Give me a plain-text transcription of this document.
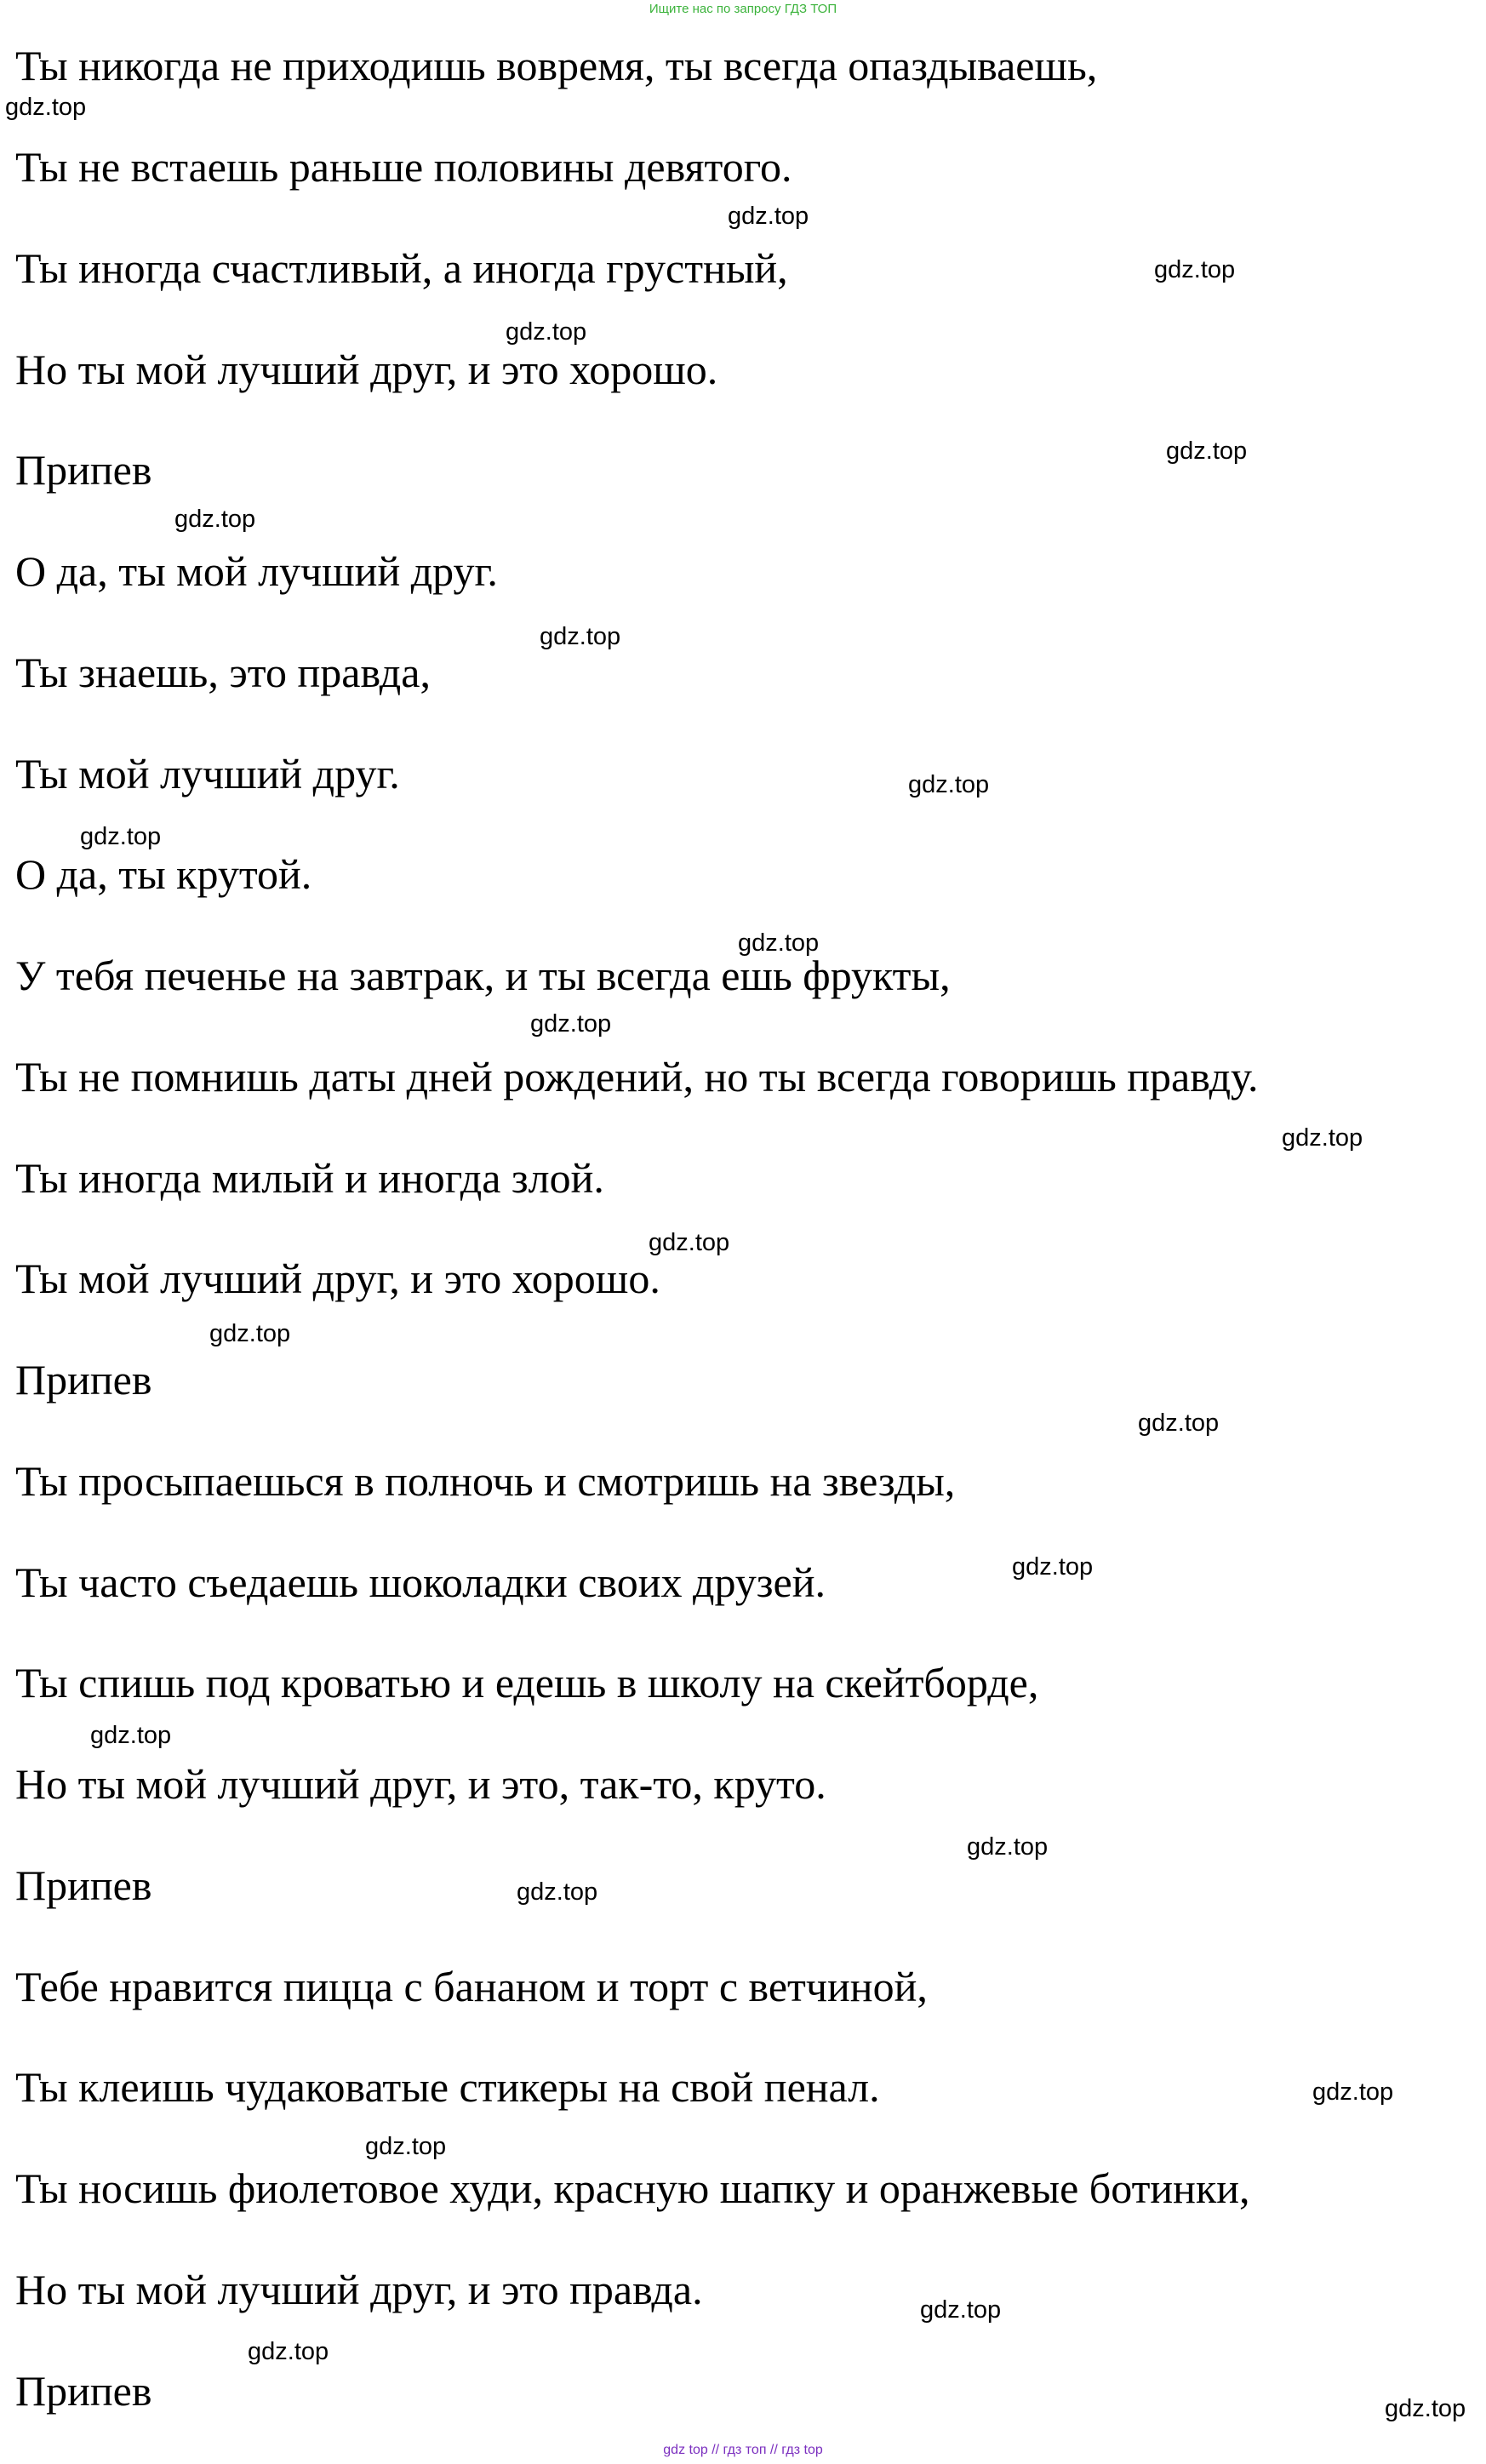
Ищите нас по запросу ГДЗ ТОП
Ты никогда не приходишь вовремя, ты всегда опаздываешь,
Ты не встаешь раньше половины девятого.
Ты иногда счастливый, а иногда грустный,
Но ты мой лучший друг, и это хорошо.
Припев
О да, ты мой лучший друг.
Ты знаешь, это правда,
Ты мой лучший друг.
О да, ты крутой.
У тебя печенье на завтрак, и ты всегда ешь фрукты,
Ты не помнишь даты дней рождений, но ты всегда говоришь правду.
Ты иногда милый и иногда злой.
Ты мой лучший друг, и это хорошо.
Припев
Ты просыпаешься в полночь и смотришь на звезды,
Ты часто съедаешь шоколадки своих друзей.
Ты спишь под кроватью и едешь в школу на скейтборде,
Но ты мой лучший друг, и это, так-то, круто.
Припев
Тебе нравится пицца с бананом и торт с ветчиной,
Ты клеишь чудаковатые стикеры на свой пенал.
Ты носишь фиолетовое худи, красную шапку и оранжевые ботинки,
Но ты мой лучший друг, и это правда.
Припев
gdz.top
gdz.top
gdz.top
gdz.top
gdz.top
gdz.top
gdz.top
gdz.top
gdz.top
gdz.top
gdz.top
gdz.top
gdz.top
gdz.top
gdz.top
gdz.top
gdz.top
gdz.top
gdz.top
gdz.top
gdz.top
gdz.top
gdz.top
gdz.top
gdz top // гдз топ // гдз top
